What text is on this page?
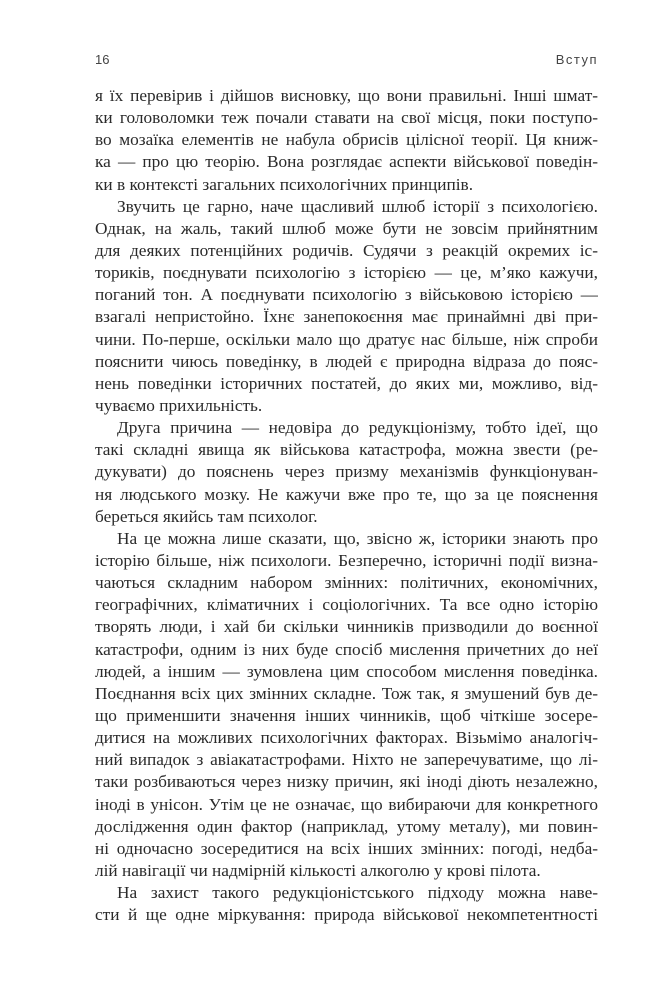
16	Вступ
я їх перевірив і дійшов висновку, що вони правильні. Інші шмат-
ки головоломки теж почали ставати на свої місця, поки поступо-
во мозаїка елементів не набула обрисів цілісної теорії. Ця книж-
ка — про цю теорію. Вона розглядає аспекти військової поведін-
ки в контексті загальних психологічних принципів.
Звучить це гарно, наче щасливий шлюб історії з психологією.
Однак, на жаль, такий шлюб може бути не зовсім прийнятним
для деяких потенційних родичів. Судячи з реакцій окремих іс-
ториків, поєднувати психологію з історією — це, м’яко кажучи,
поганий тон. А поєднувати психологію з військовою історією —
взагалі непристойно. Їхнє занепокоєння має принаймні дві при-
чини. По-перше, оскільки мало що дратує нас більше, ніж спроби
пояснити чиюсь поведінку, в людей є природна відраза до пояс-
нень поведінки історичних постатей, до яких ми, можливо, від-
чуваємо прихильність.
Друга причина — недовіра до редукціонізму, тобто ідеї, що
такі складні явища як військова катастрофа, можна звести (ре-
дукувати) до пояснень через призму механізмів функціонуван-
ня людського мозку. Не кажучи вже про те, що за це пояснення
береться якийсь там психолог.
На це можна лише сказати, що, звісно ж, історики знають про
історію більше, ніж психологи. Безперечно, історичні події визна-
чаються складним набором змінних: політичних, економічних,
географічних, кліматичних і соціологічних. Та все одно історію
творять люди, і хай би скільки чинників призводили до воєнної
катастрофи, одним із них буде спосіб мислення причетних до неї
людей, а іншим — зумовлена цим способом мислення поведінка.
Поєднання всіх цих змінних складне. Тож так, я змушений був де-
що применшити значення інших чинників, щоб чіткіше зосере-
дитися на можливих психологічних факторах. Візьмімо аналогіч-
ний випадок з авіакатастрофами. Ніхто не заперечуватиме, що лі-
таки розбиваються через низку причин, які іноді діють незалежно,
іноді в унісон. Утім це не означає, що вибираючи для конкретного
дослідження один фактор (наприклад, утому металу), ми повин-
ні одночасно зосередитися на всіх інших змінних: погоді, недба-
лій навігації чи надмірній кількості алкоголю у крові пілота.
На захист такого редукціоністського підходу можна наве-
сти й ще одне міркування: природа військової некомпетентності
